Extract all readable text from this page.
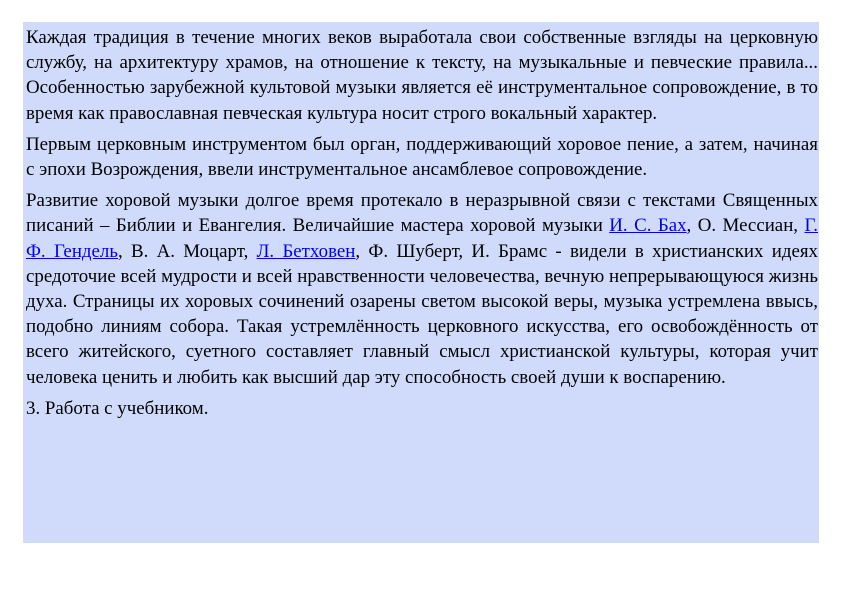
Каждая традиция в течение многих веков выработала свои собственные взгляды на церковную службу, на архитектуру храмов, на отношение к тексту, на музыкальные и певческие правила... Особенностью зарубежной культовой музыки является её инструментальное сопровождение, в то время как православная певческая культура носит строго вокальный характер.

Первым церковным инструментом был орган, поддерживающий хоровое пение, а затем, начиная с эпохи Возрождения, ввели инструментальное ансамблевое сопровождение.

Развитие хоровой музыки долгое время протекало в неразрывной связи с текстами Священных писаний – Библии и Евангелия. Величайшие мастера хоровой музыки И. С. Бах, О. Мессиан, Г. Ф. Гендель, В. А. Моцарт, Л. Бетховен, Ф. Шуберт, И. Брамс - видели в христианских идеях средоточие всей мудрости и всей нравственности человечества, вечную непрерывающуюся жизнь духа. Страницы их хоровых сочинений озарены светом высокой веры, музыка устремлена ввысь, подобно линиям собора. Такая устремлённость церковного искусства, его освобождённость от всего житейского, суетного составляет главный смысл христианской культуры, которая учит человека ценить и любить как высший дар эту способность своей души к воспарению.

3. Работа с учебником.
